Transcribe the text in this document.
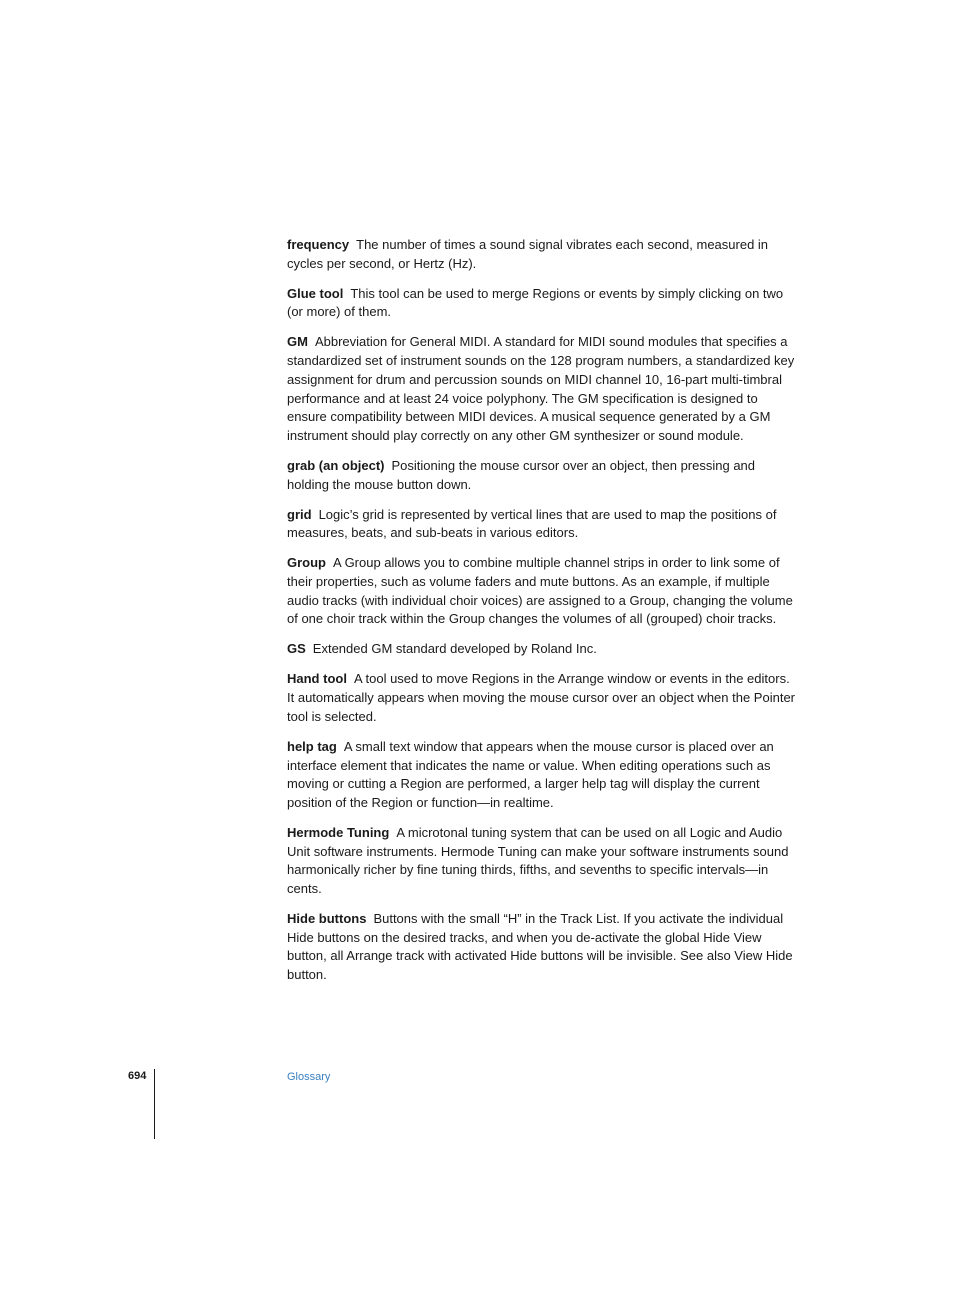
frequency The number of times a sound signal vibrates each second, measured in cycles per second, or Hertz (Hz).

Glue tool This tool can be used to merge Regions or events by simply clicking on two (or more) of them.

GM Abbreviation for General MIDI. A standard for MIDI sound modules that specifies a standardized set of instrument sounds on the 128 program numbers, a standardized key assignment for drum and percussion sounds on MIDI channel 10, 16-part multi-timbral performance and at least 24 voice polyphony. The GM specification is designed to ensure compatibility between MIDI devices. A musical sequence generated by a GM instrument should play correctly on any other GM synthesizer or sound module.

grab (an object) Positioning the mouse cursor over an object, then pressing and holding the mouse button down.

grid Logic’s grid is represented by vertical lines that are used to map the positions of measures, beats, and sub-beats in various editors.

Group A Group allows you to combine multiple channel strips in order to link some of their properties, such as volume faders and mute buttons. As an example, if multiple audio tracks (with individual choir voices) are assigned to a Group, changing the volume of one choir track within the Group changes the volumes of all (grouped) choir tracks.

GS Extended GM standard developed by Roland Inc.

Hand tool A tool used to move Regions in the Arrange window or events in the editors. It automatically appears when moving the mouse cursor over an object when the Pointer tool is selected.

help tag A small text window that appears when the mouse cursor is placed over an interface element that indicates the name or value. When editing operations such as moving or cutting a Region are performed, a larger help tag will display the current position of the Region or function—in realtime.

Hermode Tuning A microtonal tuning system that can be used on all Logic and Audio Unit software instruments. Hermode Tuning can make your software instruments sound harmonically richer by fine tuning thirds, fifths, and sevenths to specific intervals—in cents.

Hide buttons Buttons with the small “H” in the Track List. If you activate the individual Hide buttons on the desired tracks, and when you de-activate the global Hide View button, all Arrange track with activated Hide buttons will be invisible. See also View Hide button.

694	Glossary
